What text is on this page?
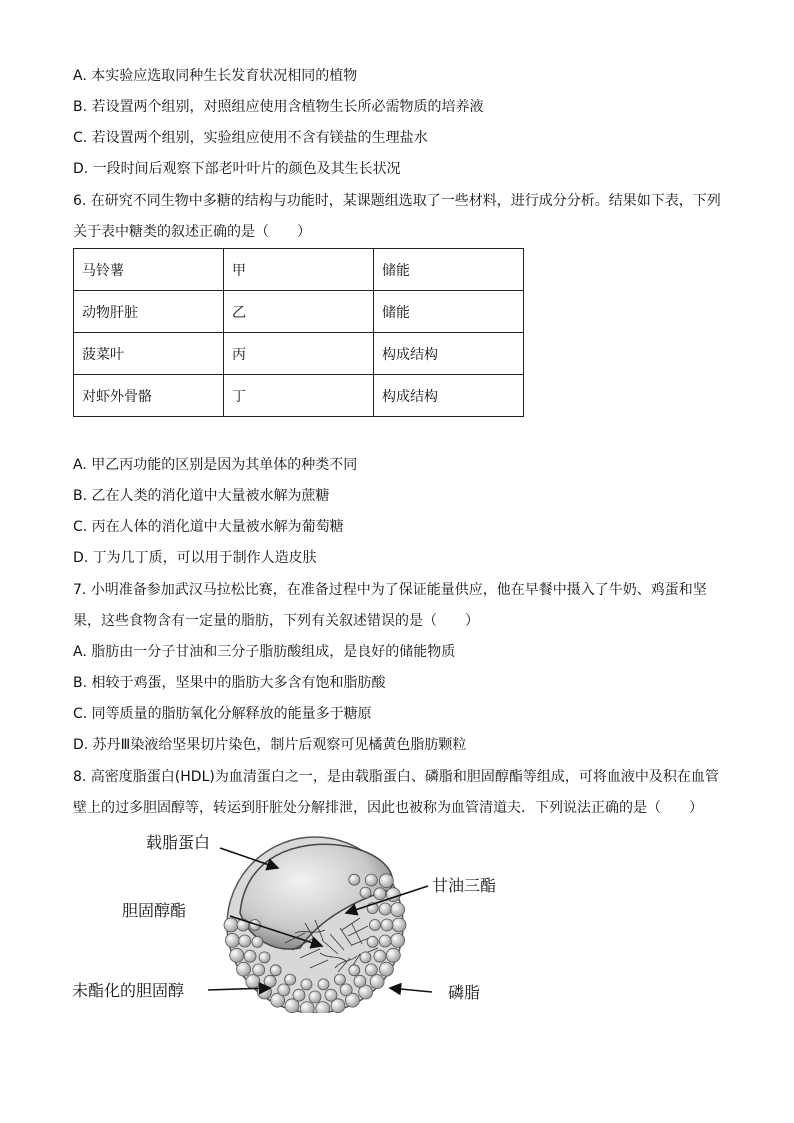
A. 本实验应选取同种生长发育状况相同的植物
B. 若设置两个组别，对照组应使用含植物生长所必需物质的培养液
C. 若设置两个组别，实验组应使用不含有镁盐的生理盐水
D. 一段时间后观察下部老叶叶片的颜色及其生长状况
6. 在研究不同生物中多糖的结构与功能时，某课题组选取了一些材料，进行成分分析。结果如下表，下列
关于表中糖类的叙述正确的是（　　）
马铃薯	甲	储能
动物肝脏	乙	储能
菠菜叶	丙	构成结构
对虾外骨骼	丁	构成结构
A. 甲乙丙功能的区别是因为其单体的种类不同
B. 乙在人类的消化道中大量被水解为蔗糖
C. 丙在人体的消化道中大量被水解为葡萄糖
D. 丁为几丁质，可以用于制作人造皮肤
7. 小明准备参加武汉马拉松比赛，在准备过程中为了保证能量供应，他在早餐中摄入了牛奶、鸡蛋和坚
果，这些食物含有一定量的脂肪，下列有关叙述错误的是（　　）
A. 脂肪由一分子甘油和三分子脂肪酸组成，是良好的储能物质
B. 相较于鸡蛋，坚果中的脂肪大多含有饱和脂肪酸
C. 同等质量的脂肪氧化分解释放的能量多于糖原
D. 苏丹Ⅲ染液给坚果切片染色，制片后观察可见橘黄色脂肪颗粒
8. 高密度脂蛋白(HDL)为血清蛋白之一，是由载脂蛋白、磷脂和胆固醇酯等组成，可将血液中及积在血管
壁上的过多胆固醇等，转运到肝脏处分解排泄，因此也被称为血管清道夫．下列说法正确的是（　　）
载脂蛋白
甘油三酯
胆固醇酯
未酯化的胆固醇	磷脂
